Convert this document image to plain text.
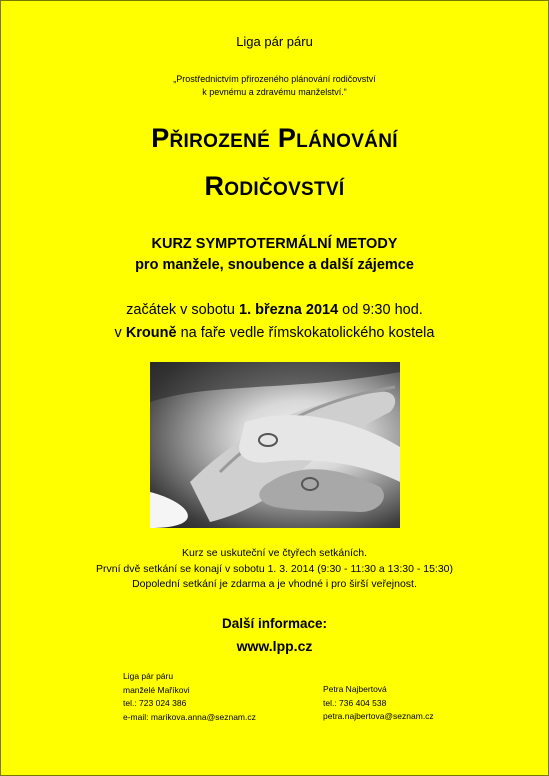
Liga pár páru
„Prostřednictvím přirozeného plánování rodičovství
k pevnému a zdravému manželství.“
Přirozené Plánování
Rodičovství
KURZ SYMPTOTERMÁLNÍ METODY
pro manžele, snoubence a další zájemce
začátek v sobotu 1. března 2014 od 9:30 hod.
v Krouně na faře vedle římskokatolického kostela
Kurz se uskuteční ve čtyřech setkáních.
První dvě setkání se konají v sobotu 1. 3. 2014 (9:30 - 11:30 a 13:30 - 15:30)
Dopolední setkání je zdarma a je vhodné i pro širší veřejnost.
Další informace:
www.lpp.cz
Liga pár páru
manželé Maříkovi
tel.: 723 024 386
e-mail: marikova.anna@seznam.cz
Petra Najbertová
tel.: 736 404 538
petra.najbertova@seznam.cz
